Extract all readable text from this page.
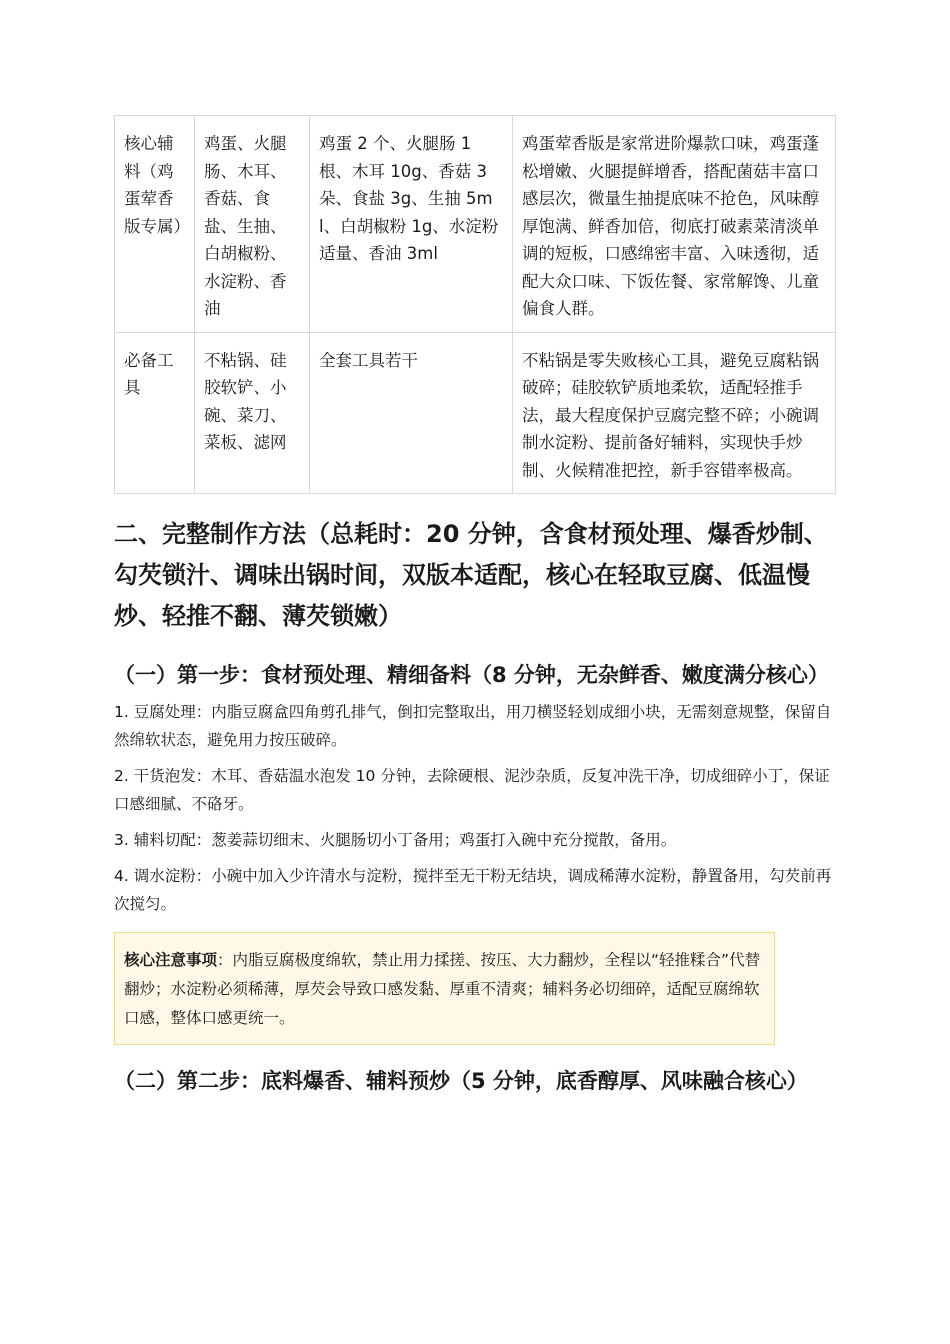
核心辅料（鸡蛋荤香版专属）	鸡蛋、火腿肠、木耳、香菇、食盐、生抽、白胡椒粉、水淀粉、香油	鸡蛋 2 个、火腿肠 1 根、木耳 10g、香菇 3 朵、食盐 3g、生抽 5ml、白胡椒粉 1g、水淀粉适量、香油 3ml	鸡蛋荤香版是家常进阶爆款口味，鸡蛋蓬松增嫩、火腿提鲜增香，搭配菌菇丰富口感层次，微量生抽提底味不抢色，风味醇厚饱满、鲜香加倍，彻底打破素菜清淡单调的短板，口感绵密丰富、入味透彻，适配大众口味、下饭佐餐、家常解馋、儿童偏食人群。
必备工具	不粘锅、硅胶软铲、小碗、菜刀、菜板、滤网	全套工具若干	不粘锅是零失败核心工具，避免豆腐粘锅破碎；硅胶软铲质地柔软，适配轻推手法，最大程度保护豆腐完整不碎；小碗调制水淀粉、提前备好辅料，实现快手炒制、火候精准把控，新手容错率极高。
二、完整制作方法（总耗时：20 分钟，含食材预处理、爆香炒制、勾芡锁汁、调味出锅时间，双版本适配，核心在轻取豆腐、低温慢炒、轻推不翻、薄芡锁嫩）
（一）第一步：食材预处理、精细备料（8 分钟，无杂鲜香、嫩度满分核心）
1. 豆腐处理：内脂豆腐盒四角剪孔排气，倒扣完整取出，用刀横竖轻划成细小块，无需刻意规整，保留自然绵软状态，避免用力按压破碎。
2. 干货泡发：木耳、香菇温水泡发 10 分钟，去除硬根、泥沙杂质，反复冲洗干净，切成细碎小丁，保证口感细腻、不硌牙。
3. 辅料切配：葱姜蒜切细末、火腿肠切小丁备用；鸡蛋打入碗中充分搅散，备用。
4. 调水淀粉：小碗中加入少许清水与淀粉，搅拌至无干粉无结块，调成稀薄水淀粉，静置备用，勾芡前再次搅匀。
核心注意事项：内脂豆腐极度绵软，禁止用力揉搓、按压、大力翻炒，全程以“轻推糅合”代替翻炒；水淀粉必须稀薄，厚芡会导致口感发黏、厚重不清爽；辅料务必切细碎，适配豆腐绵软口感，整体口感更统一。
（二）第二步：底料爆香、辅料预炒（5 分钟，底香醇厚、风味融合核心）
